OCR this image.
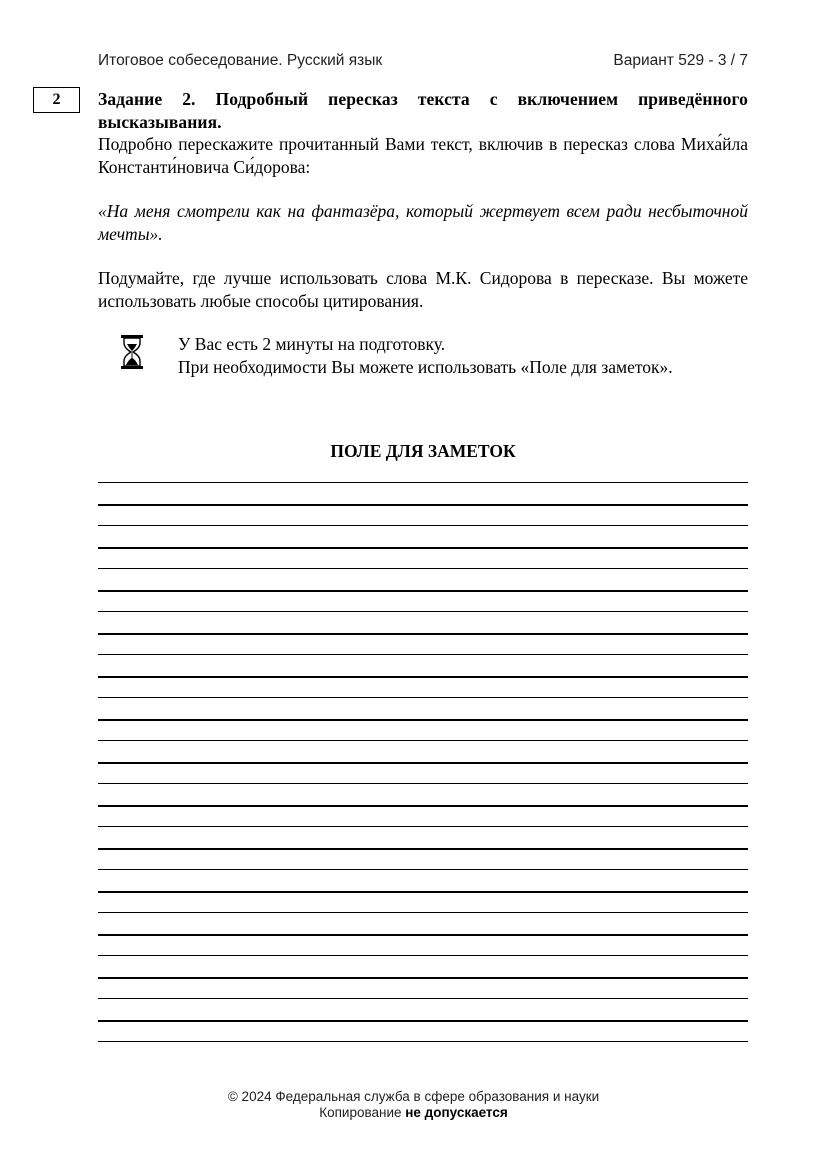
Итоговое собеседование. Русский язык	Вариант 529 - 3 / 7
2	Задание 2. Подробный пересказ текста с включением приведённого высказывания.

Подробно перескажите прочитанный Вами текст, включив в пересказ слова Миха́йла Константи́новича Си́дорова:

«На меня смотрели как на фантазёра, который жертвует всем ради несбыточной мечты».

Подумайте, где лучше использовать слова М.К. Сидорова в пересказе. Вы можете использовать любые способы цитирования.

У Вас есть 2 минуты на подготовку.
При необходимости Вы можете использовать «Поле для заметок».
ПОЛЕ ДЛЯ ЗАМЕТОК
© 2024 Федеральная служба в сфере образования и науки
Копирование не допускается
